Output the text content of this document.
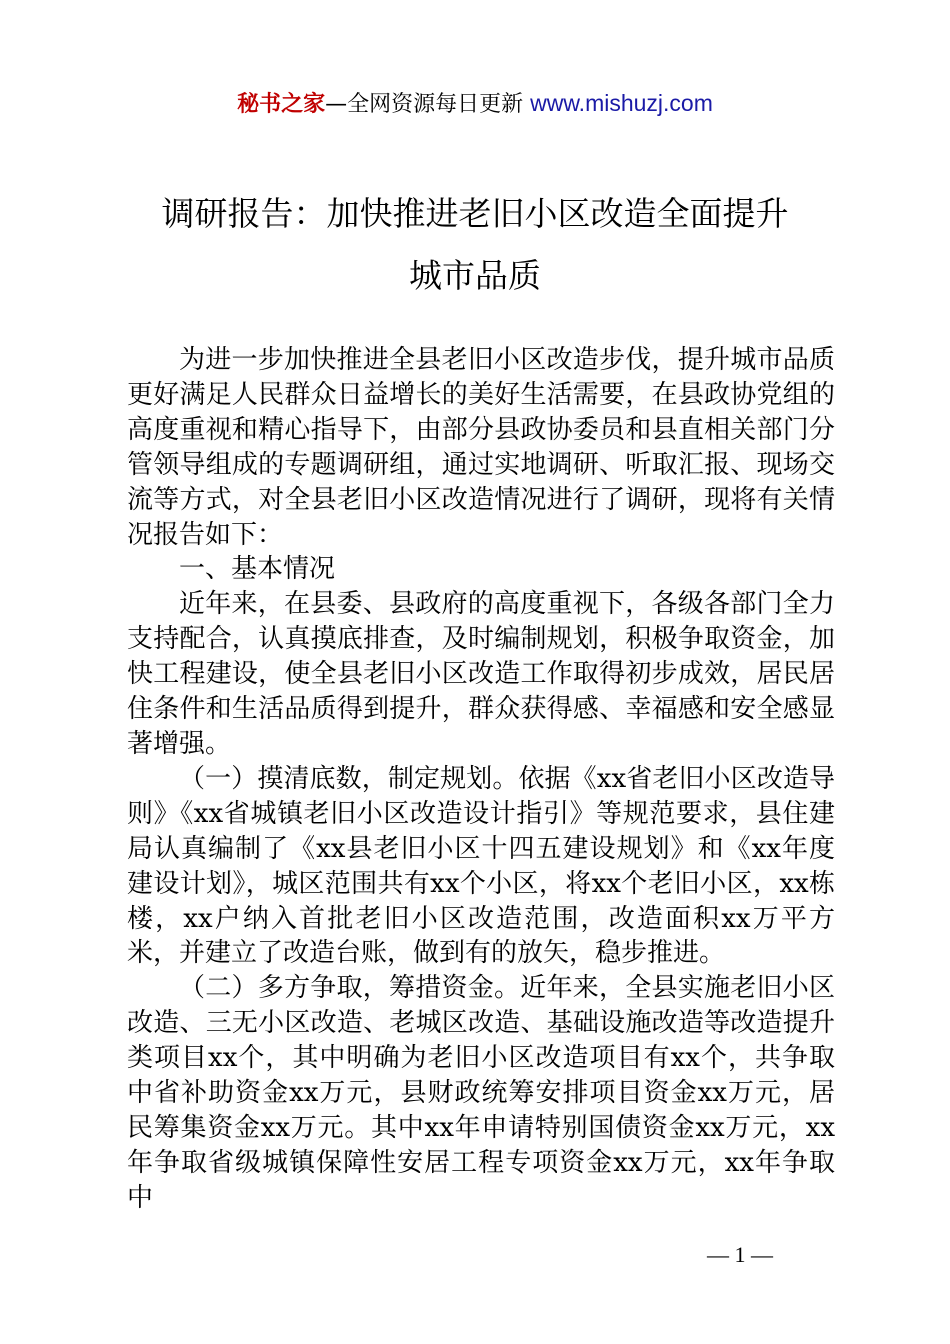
秘书之家—全网资源每日更新 www.mishuzj.com
调研报告：加快推进老旧小区改造全面提升
城市品质

为进一步加快推进全县老旧小区改造步伐，提升城市品质更好满足人民群众日益增长的美好生活需要，在县政协党组的高度重视和精心指导下，由部分县政协委员和县直相关部门分管领导组成的专题调研组，通过实地调研、听取汇报、现场交流等方式，对全县老旧小区改造情况进行了调研，现将有关情况报告如下：

一、基本情况

近年来，在县委、县政府的高度重视下，各级各部门全力支持配合，认真摸底排查，及时编制规划，积极争取资金，加快工程建设，使全县老旧小区改造工作取得初步成效，居民居住条件和生活品质得到提升，群众获得感、幸福感和安全感显著增强。

（一）摸清底数，制定规划。依据《xx省老旧小区改造导则》《xx省城镇老旧小区改造设计指引》等规范要求，县住建局认真编制了《xx县老旧小区十四五建设规划》和《xx年度建设计划》，城区范围共有xx个小区，将xx个老旧小区，xx栋楼，xx户纳入首批老旧小区改造范围，改造面积xx万平方米，并建立了改造台账，做到有的放矢，稳步推进。

（二）多方争取，筹措资金。近年来，全县实施老旧小区改造、三无小区改造、老城区改造、基础设施改造等改造提升类项目xx个，其中明确为老旧小区改造项目有xx个，共争取中省补助资金xx万元，县财政统筹安排项目资金xx万元，居民筹集资金xx万元。其中xx年申请特别国债资金xx万元，xx年争取省级城镇保障性安居工程专项资金xx万元，xx年争取中

— 1 —
